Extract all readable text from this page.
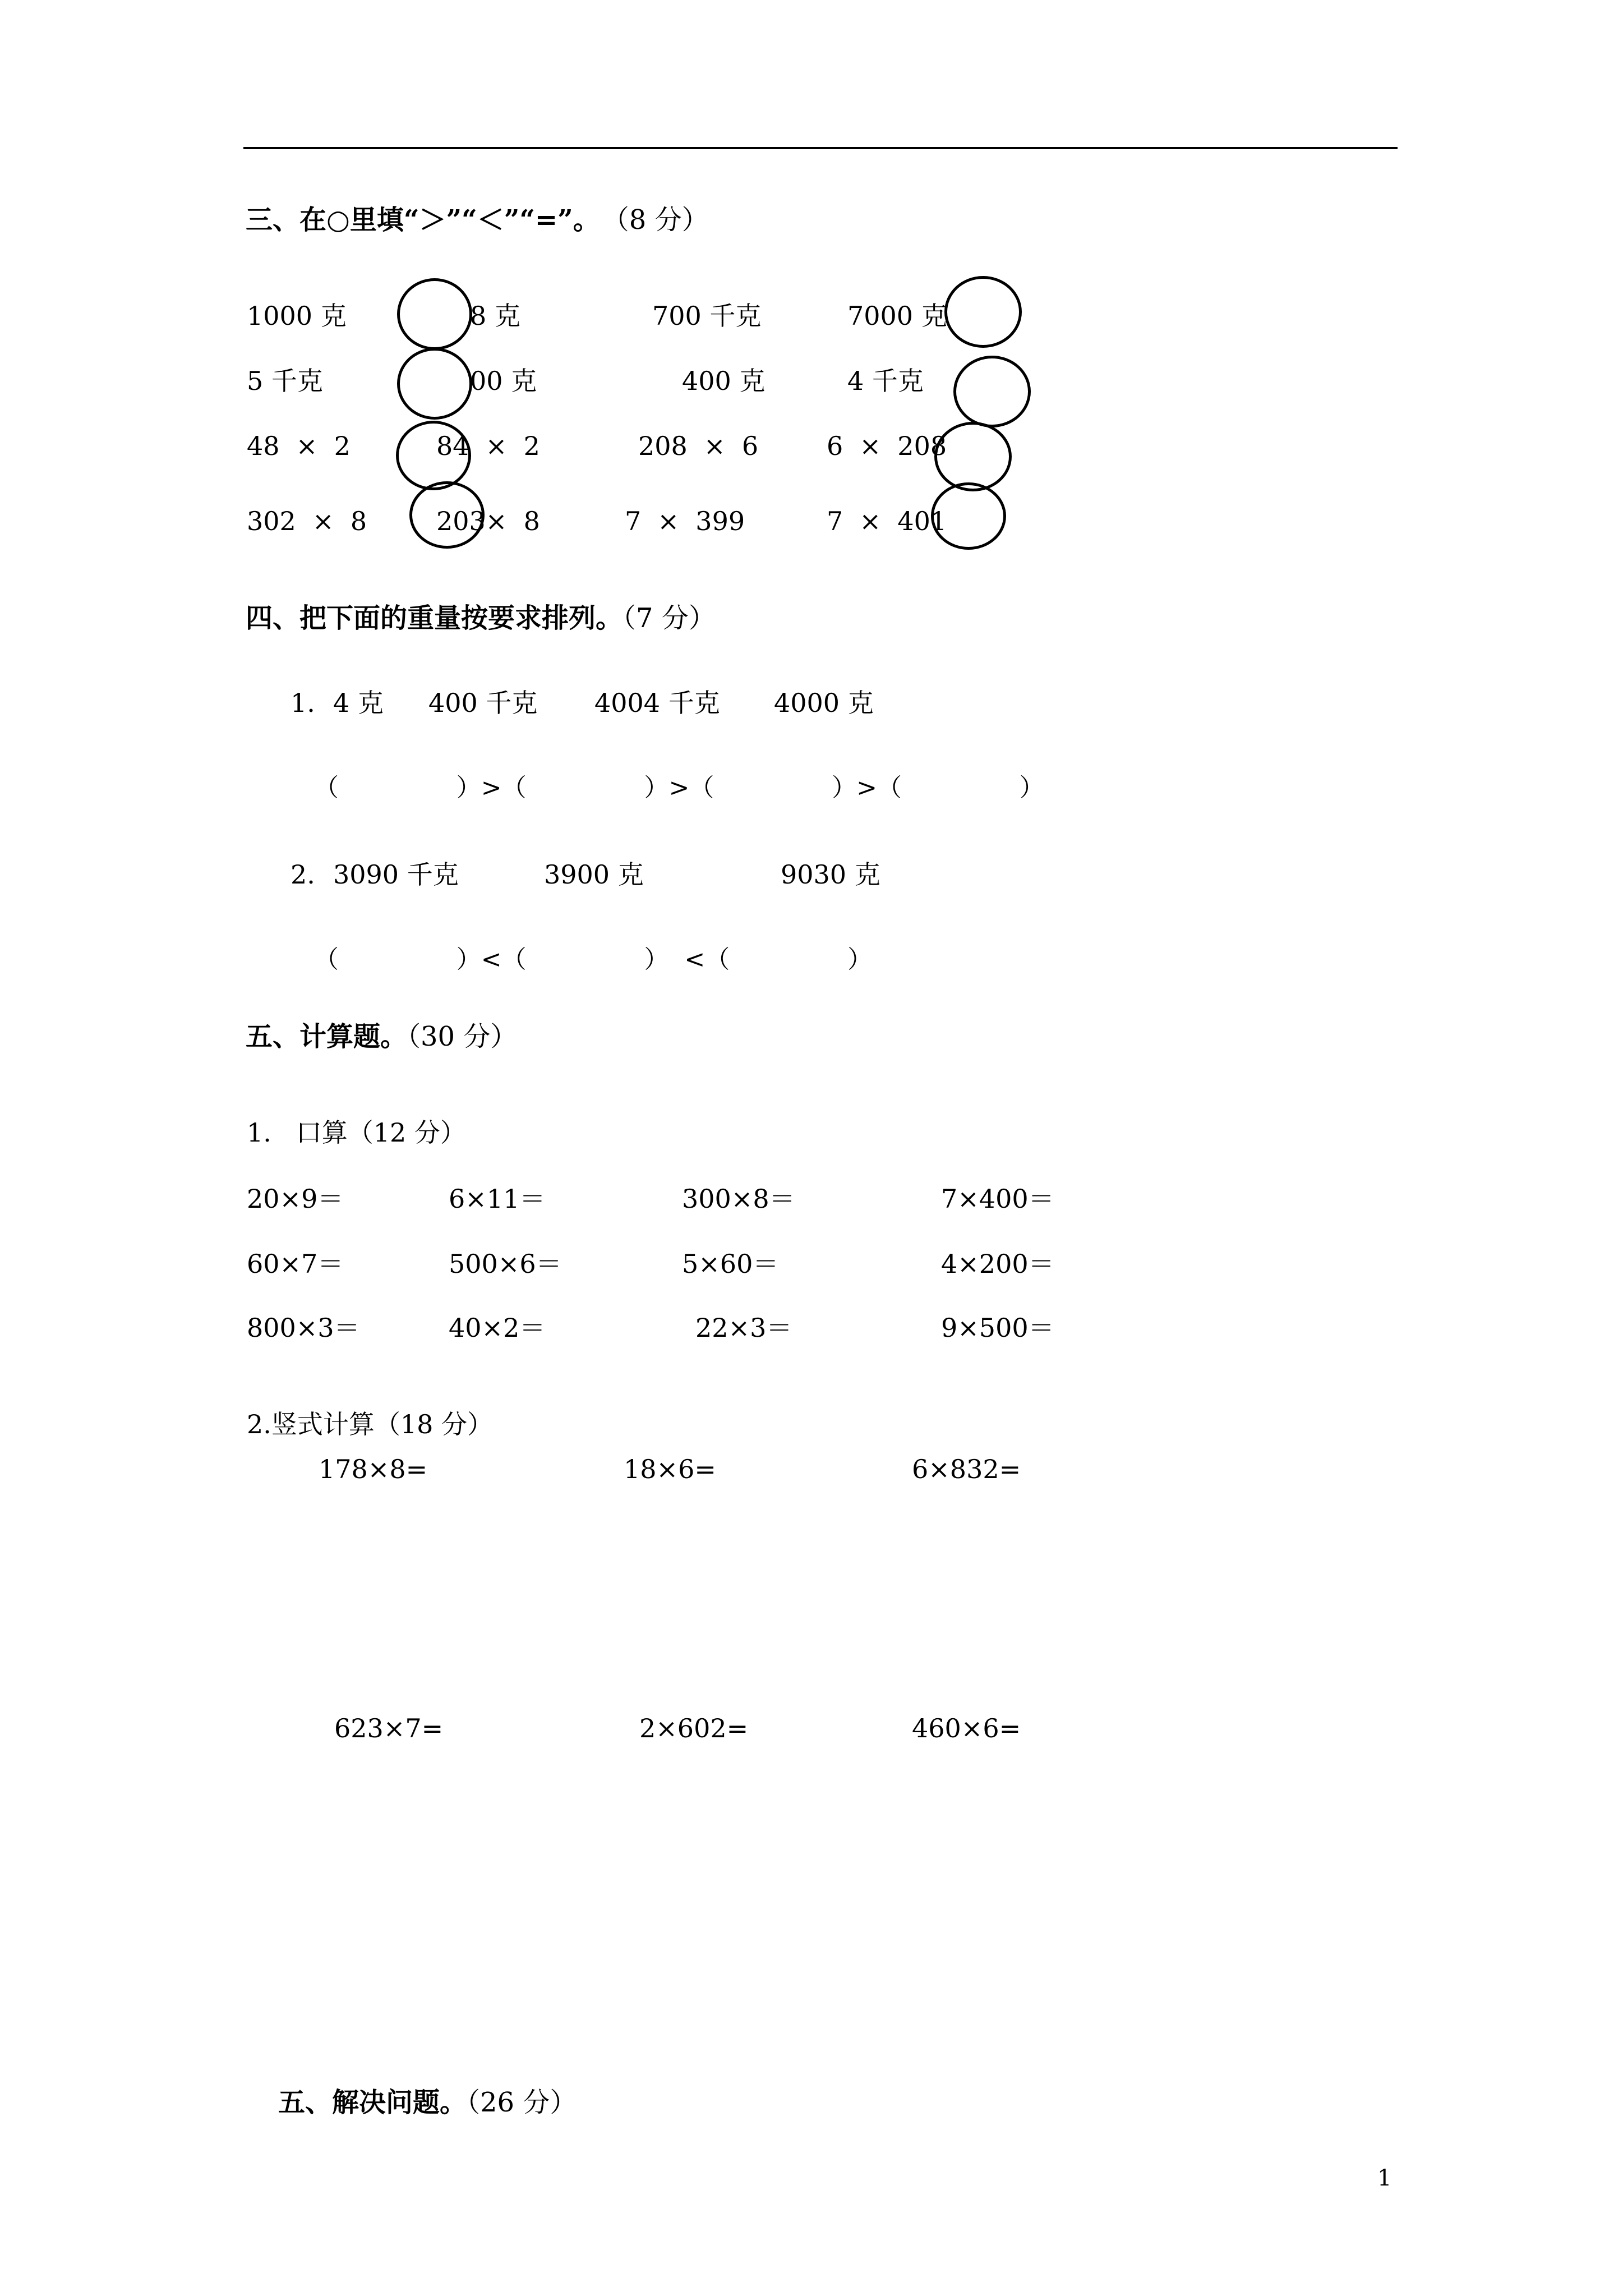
三、在○里填“＞”“＜”“=”。 （8 分）
1000 克	8 克	700 千克	7000 克
5 千克	00 克	400 克	4 千克
48  ×  2	84  ×  2	208  ×  6	6  ×  208
302  ×  8	203×  8	7  ×  399	7  ×  401
四、把下面的重量按要求排列。（7 分）
1. 4 克 400 千克 4004 千克 4000 克
（               ）>（               ）>（               ）>（               ）
2. 3090 千克	3900 克	9030 克
（               ）<（               ）  <（               ）
五、计算题。（30 分）
1.   口算（12 分）
20×9＝	6×11＝	300×8＝	7×400＝
60×7＝	500×6＝	5×60＝	4×200＝
800×3＝	40×2＝	22×3＝	9×500＝
2.竖式计算（18 分）
178×8=	18×6=	6×832=
623×7=	2×602=	460×6=
五、解决问题。（26 分）
1
